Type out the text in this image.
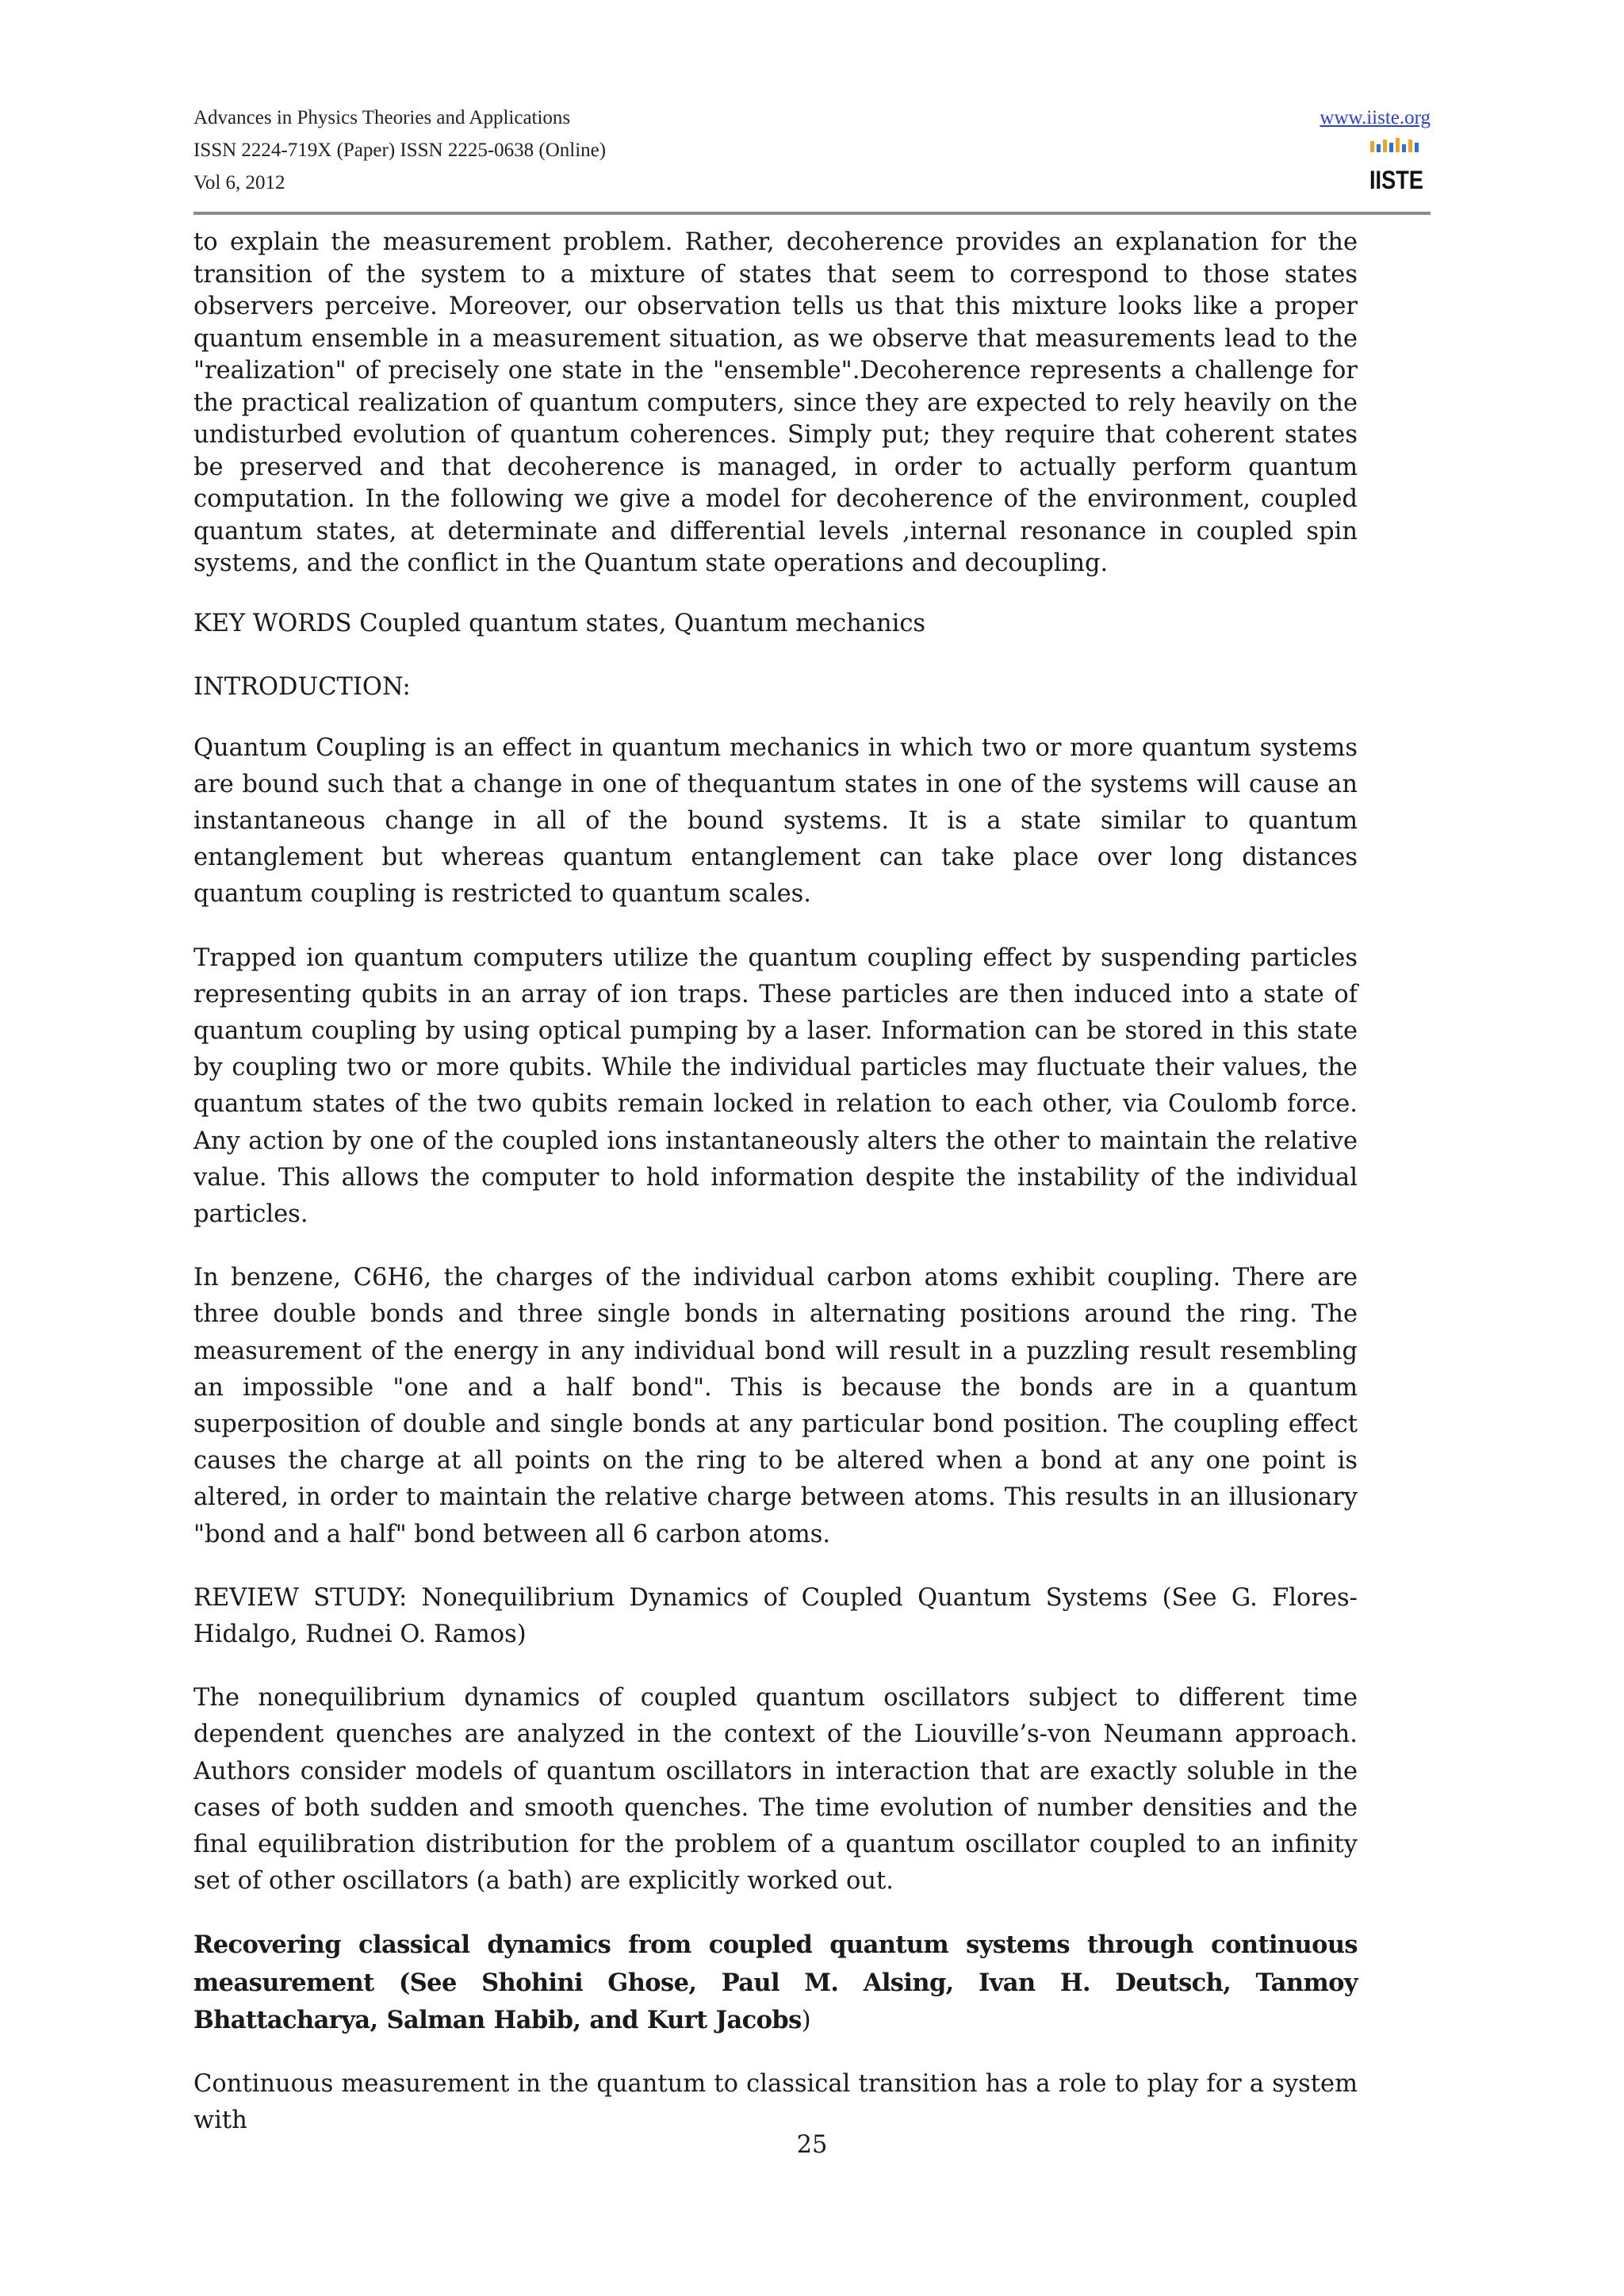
Advances in Physics Theories and Applications
ISSN 2224-719X (Paper) ISSN 2225-0638 (Online)
Vol 6, 2012
www.iiste.org
IISTE

to explain the measurement problem. Rather, decoherence provides an explanation for the transition of the system to a mixture of states that seem to correspond to those states observers perceive. Moreover, our observation tells us that this mixture looks like a proper quantum ensemble in a measurement situation, as we observe that measurements lead to the "realization" of precisely one state in the "ensemble".Decoherence represents a challenge for the practical realization of quantum computers, since they are expected to rely heavily on the undisturbed evolution of quantum coherences. Simply put; they require that coherent states be preserved and that decoherence is managed, in order to actually perform quantum computation. In the following we give a model for decoherence of the environment, coupled quantum states, at determinate and differential levels ,internal resonance in coupled spin systems, and the conflict in the Quantum state operations and decoupling.

KEY WORDS Coupled quantum states, Quantum mechanics

INTRODUCTION:

Quantum Coupling is an effect in quantum mechanics in which two or more quantum systems are bound such that a change in one of thequantum states in one of the systems will cause an instantaneous change in all of the bound systems. It is a state similar to quantum entanglement but whereas quantum entanglement can take place over long distances quantum coupling is restricted to quantum scales.

Trapped ion quantum computers utilize the quantum coupling effect by suspending particles representing qubits in an array of ion traps. These particles are then induced into a state of quantum coupling by using optical pumping by a laser. Information can be stored in this state by coupling two or more qubits. While the individual particles may fluctuate their values, the quantum states of the two qubits remain locked in relation to each other, via Coulomb force. Any action by one of the coupled ions instantaneously alters the other to maintain the relative value. This allows the computer to hold information despite the instability of the individual particles.

In benzene, C6H6, the charges of the individual carbon atoms exhibit coupling. There are three double bonds and three single bonds in alternating positions around the ring. The measurement of the energy in any individual bond will result in a puzzling result resembling an impossible "one and a half bond". This is because the bonds are in a quantum superposition of double and single bonds at any particular bond position. The coupling effect causes the charge at all points on the ring to be altered when a bond at any one point is altered, in order to maintain the relative charge between atoms. This results in an illusionary "bond and a half" bond between all 6 carbon atoms.

REVIEW STUDY: Nonequilibrium Dynamics of Coupled Quantum Systems (See G. Flores-Hidalgo, Rudnei O. Ramos)

The nonequilibrium dynamics of coupled quantum oscillators subject to different time dependent quenches are analyzed in the context of the Liouville’s-von Neumann approach. Authors consider models of quantum oscillators in interaction that are exactly soluble in the cases of both sudden and smooth quenches. The time evolution of number densities and the final equilibration distribution for the problem of a quantum oscillator coupled to an infinity set of other oscillators (a bath) are explicitly worked out.

Recovering classical dynamics from coupled quantum systems through continuous measurement (See Shohini Ghose, Paul M. Alsing, Ivan H. Deutsch, Tanmoy Bhattacharya, Salman Habib, and Kurt Jacobs)

Continuous measurement in the quantum to classical transition has a role to play for a system with

25
